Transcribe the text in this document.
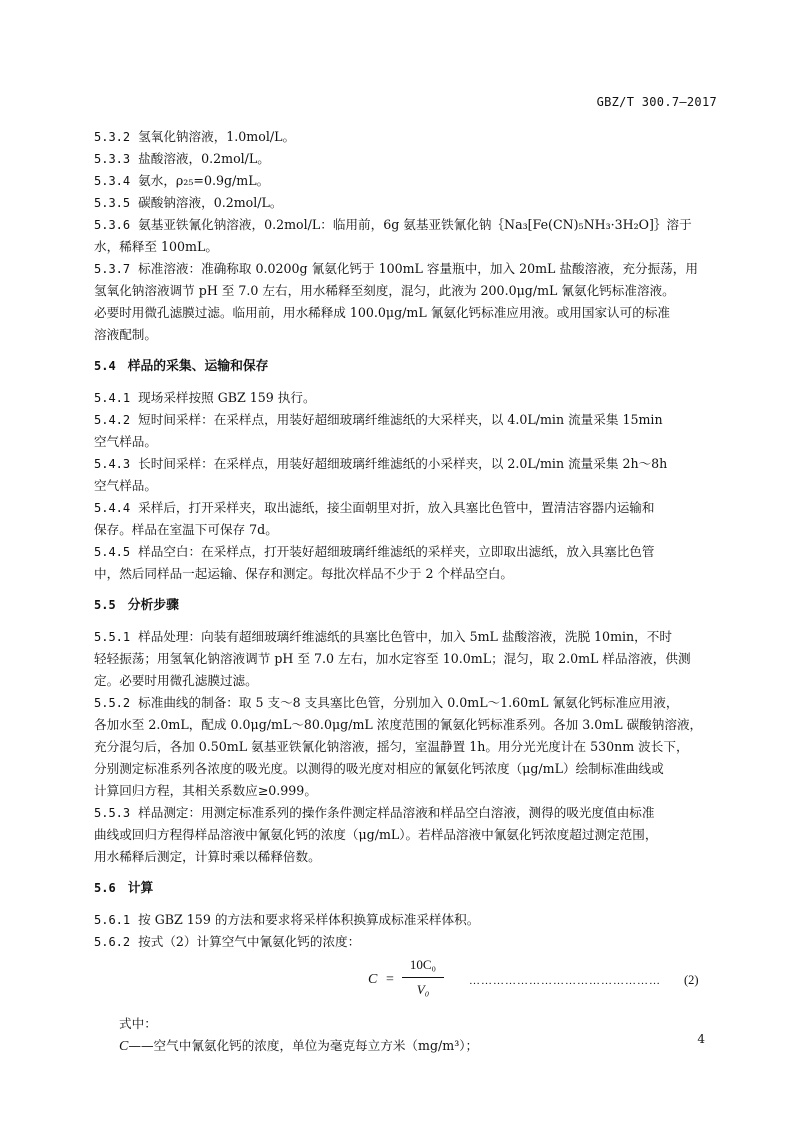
GBZ/T 300.7—2017
5.3.2 氢氧化钠溶液，1.0mol/L。
5.3.3 盐酸溶液，0.2mol/L。
5.3.4 氨水，ρ₂₅=0.9g/mL。
5.3.5 碳酸钠溶液，0.2mol/L。
5.3.6 氨基亚铁氰化钠溶液，0.2mol/L：临用前，6g 氨基亚铁氰化钠｛Na₃[Fe(CN)₅NH₃·3H₂O]｝溶于
水，稀释至 100mL。
5.3.7 标准溶液：准确称取 0.0200g 氰氨化钙于 100mL 容量瓶中，加入 20mL 盐酸溶液，充分振荡，用
氢氧化钠溶液调节 pH 至 7.0 左右，用水稀释至刻度，混匀，此液为 200.0μg/mL 氰氨化钙标准溶液。
必要时用微孔滤膜过滤。临用前，用水稀释成 100.0μg/mL 氰氨化钙标准应用液。或用国家认可的标准
溶液配制。
5.4 样品的采集、运输和保存
5.4.1 现场采样按照 GBZ 159 执行。
5.4.2 短时间采样：在采样点，用装好超细玻璃纤维滤纸的大采样夹，以 4.0L/min 流量采集 15min
空气样品。
5.4.3 长时间采样：在采样点，用装好超细玻璃纤维滤纸的小采样夹，以 2.0L/min 流量采集 2h～8h
空气样品。
5.4.4 采样后，打开采样夹，取出滤纸，接尘面朝里对折，放入具塞比色管中，置清洁容器内运输和
保存。样品在室温下可保存 7d。
5.4.5 样品空白：在采样点，打开装好超细玻璃纤维滤纸的采样夹，立即取出滤纸，放入具塞比色管
中，然后同样品一起运输、保存和测定。每批次样品不少于 2 个样品空白。
5.5 分析步骤
5.5.1 样品处理：向装有超细玻璃纤维滤纸的具塞比色管中，加入 5mL 盐酸溶液，洗脱 10min，不时
轻轻振荡；用氢氧化钠溶液调节 pH 至 7.0 左右，加水定容至 10.0mL；混匀，取 2.0mL 样品溶液，供测
定。必要时用微孔滤膜过滤。
5.5.2 标准曲线的制备：取 5 支～8 支具塞比色管，分别加入 0.0mL～1.60mL 氰氨化钙标准应用液，
各加水至 2.0mL，配成 0.0μg/mL～80.0μg/mL 浓度范围的氰氨化钙标准系列。各加 3.0mL 碳酸钠溶液，
充分混匀后，各加 0.50mL 氨基亚铁氰化钠溶液，摇匀，室温静置 1h。用分光光度计在 530nm 波长下，
分别测定标准系列各浓度的吸光度。以测得的吸光度对相应的氰氨化钙浓度（μg/mL）绘制标准曲线或
计算回归方程，其相关系数应≥0.999。
5.5.3 样品测定：用测定标准系列的操作条件测定样品溶液和样品空白溶液，测得的吸光度值由标准
曲线或回归方程得样品溶液中氰氨化钙的浓度（μg/mL）。若样品溶液中氰氨化钙浓度超过测定范围，
用水稀释后测定，计算时乘以稀释倍数。
5.6 计算
5.6.1 按 GBZ 159 的方法和要求将采样体积换算成标准采样体积。
5.6.2 按式（2）计算空气中氰氨化钙的浓度：
C =
10C₀
V₀
………………………………………… (2)
式中：
C——空气中氰氨化钙的浓度，单位为毫克每立方米（mg/m³）；	4
